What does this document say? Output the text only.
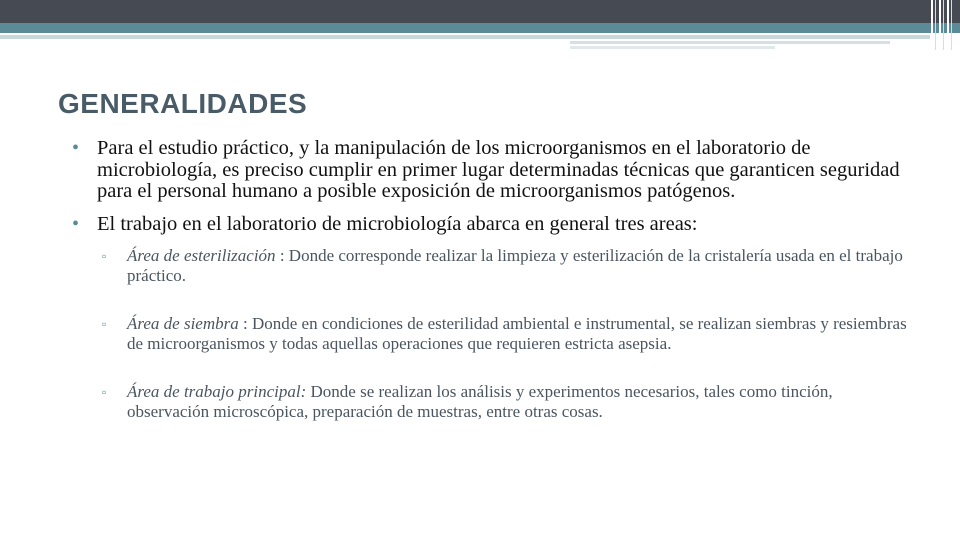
GENERALIDADES

• Para el estudio práctico, y la manipulación de los microorganismos en el laboratorio de microbiología, es preciso cumplir en primer lugar determinadas técnicas que garanticen seguridad para el personal humano a posible exposición de microorganismos patógenos.

• El trabajo en el laboratorio de microbiología abarca en general tres areas:

▫ Área de esterilización : Donde corresponde realizar la limpieza y esterilización de la cristalería usada en el trabajo práctico.

▫ Área de siembra : Donde en condiciones de esterilidad ambiental e instrumental, se realizan siembras y resiembras de microorganismos y todas aquellas operaciones que requieren estricta asepsia.

▫ Área de trabajo principal: Donde se realizan los análisis y experimentos necesarios, tales como tinción, observación microscópica, preparación de muestras, entre otras cosas.
